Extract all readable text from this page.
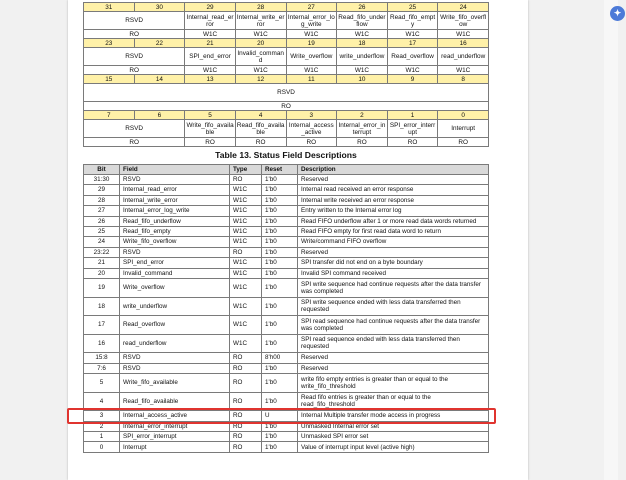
✦
31	30	29	28	27	26	25	24
RSVD		Internal_read_error	Internal_write_error	Internal_error_log_write	Read_fifo_underflow	Read_fifo_empty	Write_fifo_overflow
RO		W1C	W1C	W1C	W1C	W1C	W1C
23	22	21	20	19	18	17	16
RSVD		SPI_end_error	Invalid_command	Write_overflow	write_underflow	Read_overflow	read_underflow
RO		W1C	W1C	W1C	W1C	W1C	W1C
15	14	13	12	11	10	9	8
RSVD							
RO							
7	6	5	4	3	2	1	0
RSVD		Write_fifo_available	Read_fifo_available	Internal_access_active	Internal_error_interrupt	SPI_error_interrupt	Interrupt
RO		RO	RO	RO	RO	RO	RO
Table 13. Status Field Descriptions
Bit	Field	Type	Reset	Description
31:30	RSVD	RO	1'b0	Reserved
29	Internal_read_error	W1C	1'b0	Internal read received an error response
28	Internal_write_error	W1C	1'b0	Internal write received an error response
27	Internal_error_log_write	W1C	1'b0	Entry written to the Internal error log
26	Read_fifo_underflow	W1C	1'b0	Read FIFO underflow after 1 or more read data words returned
25	Read_fifo_empty	W1C	1'b0	Read FIFO empty for first read data word to return
24	Write_fifo_overflow	W1C	1'b0	Write/command FIFO overflow
23:22	RSVD	RO	1'b0	Reserved
21	SPI_end_error	W1C	1'b0	SPI transfer did not end on a byte boundary
20	Invalid_command	W1C	1'b0	Invalid SPI command received
19	Write_overflow	W1C	1'b0	SPI write sequence had continue requests after the data transfer was completed
18	write_underflow	W1C	1'b0	SPI write sequence ended with less data transferred then requested
17	Read_overflow	W1C	1'b0	SPI read sequence had continue requests after the data transfer was completed
16	read_underflow	W1C	1'b0	SPI read sequence ended with less data transferred then requested
15:8	RSVD	RO	8'h00	Reserved
7:6	RSVD	RO	1'b0	Reserved
5	Write_fifo_available	RO	1'b0	write fifo empty entries is greater than or equal to the write_fifo_threshold
4	Read_fifo_available	RO	1'b0	Read fifo entries is greater than or equal to the read_fifo_threshold
3	Internal_access_active	RO	U	Internal Multiple transfer mode access in progress
2	Internal_error_interrupt	RO	1'b0	Unmasked Internal error set
1	SPI_error_interrupt	RO	1'b0	Unmasked SPI error set
0	Interrupt	RO	1'b0	Value of interrupt input level (active high)
